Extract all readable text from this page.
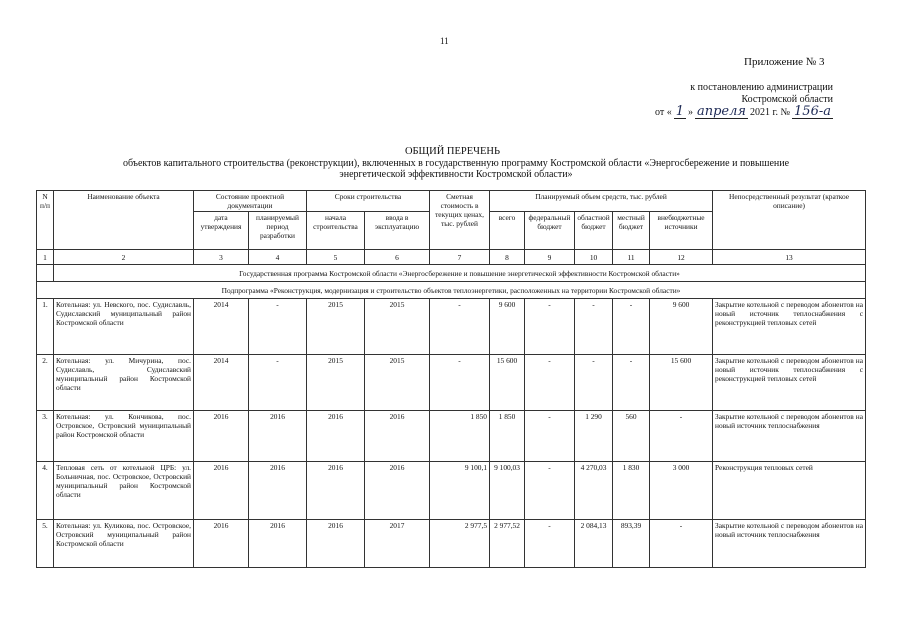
11
Приложение № 3
к постановлению администрации
Костромской области
от « 1 » апреля 2021 г. № 156-а
ОБЩИЙ ПЕРЕЧЕНЬ
объектов капитального строительства (реконструкции), включенных в государственную программу Костромской области «Энергосбережение и повышение энергетической эффективности Костромской области»
N п/п	Наименование объекта	Состояние проектной документации		Сроки строительства		Сметная стоимость в текущих ценах, тыс. рублей	Планируемый объем средств, тыс. рублей					Непосредственный результат (краткое описание)
		дата утверждения	планируемый период разработки	начала строительства	ввода в эксплуатацию		всего	федеральный бюджет	областной бюджет	местный бюджет	внебюджетные источники	
1	2	3	4	5	6	7	8	9	10	11	12	13
	Государственная программа Костромской области «Энергосбережение и повышение энергетической эффективности Костромской области»											
Подпрограмма «Реконструкция, модернизация и строительство объектов теплоэнергетики, расположенных на территории Костромской области»												
1.	Котельная: ул. Невского, пос. Судиславль, Судиславский муниципальный район Костромской области	2014	-	2015	2015	-	9 600	-	-	-	9 600	Закрытие котельной с переводом абонентов на новый источник теплоснабжения с реконструкцией тепловых сетей
2.	Котельная: ул. Мичурина, пос. Судиславль, Судиславский муниципальный район Костромской области	2014	-	2015	2015	-	15 600	-	-	-	15 600	Закрытие котельной с переводом абонентов на новый источник теплоснабжения с реконструкцией тепловых сетей
3.	Котельная: ул. Кончикова, пос. Островское, Островский муниципальный район Костромской области	2016	2016	2016	2016	1 850	1 850	-	1 290	560	-	Закрытие котельной с переводом абонентов на новый источник теплоснабжения
4.	Тепловая сеть от котельной ЦРБ: ул. Больничная, пос. Островское, Островский муниципальный район Костромской области	2016	2016	2016	2016	9 100,1	9 100,03	-	4 270,03	1 830	3 000	Реконструкция тепловых сетей
5.	Котельная: ул. Куликова, пос. Островское, Островский муниципальный район Костромской области	2016	2016	2016	2017	2 977,5	2 977,52	-	2 084,13	893,39	-	Закрытие котельной с переводом абонентов на новый источник теплоснабжения
